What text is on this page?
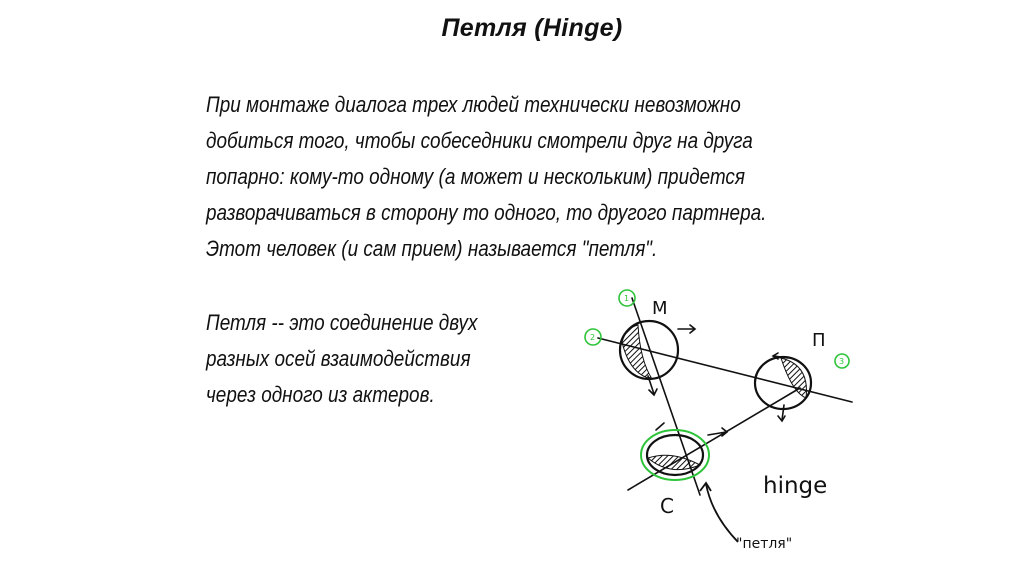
Петля (Hinge)

При монтаже диалога трех людей технически невозможно
добиться того, чтобы собеседники смотрели друг на друга
попарно: кому-то одному (а может и нескольким) придется
разворачиваться в сторону то одного, то другого партнера.
Этот человек (и сам прием) называется "петля".

Петля -- это соединение двух
разных осей взаимодействия
через одного из актеров.

1
2
3
М
П
С
hinge
"петля"
